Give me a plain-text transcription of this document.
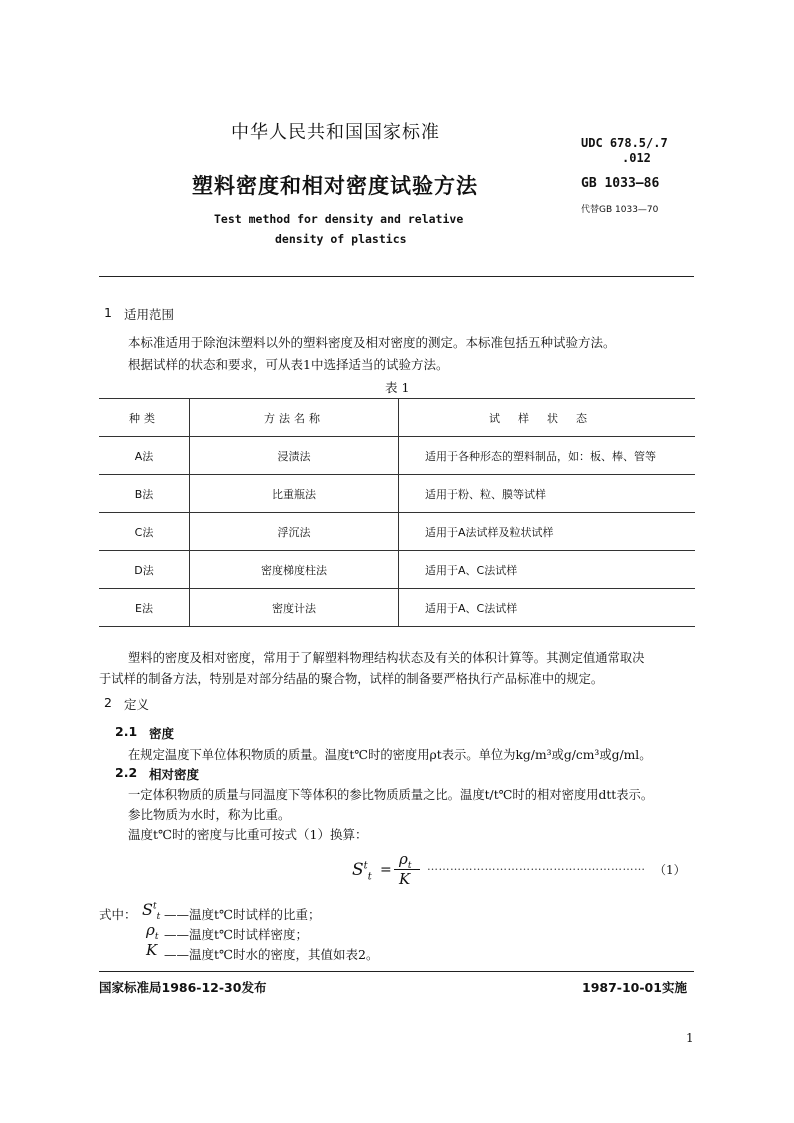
中华人民共和国国家标准
塑料密度和相对密度试验方法
Test method for density and relative
density of plastics
UDC 678.5/.7
.012
GB 1033—86
代替GB 1033—70
1 适用范围
本标准适用于除泡沫塑料以外的塑料密度及相对密度的测定。本标准包括五种试验方法。
根据试样的状态和要求，可从表1中选择适当的试验方法。
表 1
种类	方法名称	试样状态
A法	浸渍法	适用于各种形态的塑料制品，如：板、棒、管等
B法	比重瓶法	适用于粉、粒、膜等试样
C法	浮沉法	适用于A法试样及粒状试样
D法	密度梯度柱法	适用于A、C法试样
E法	密度计法	适用于A、C法试样
塑料的密度及相对密度，常用于了解塑料物理结构状态及有关的体积计算等。其测定值通常取决
于试样的制备方法，特别是对部分结晶的聚合物，试样的制备要严格执行产品标准中的规定。
2 定义
2.1 密度
在规定温度下单位体积物质的质量。温度t℃时的密度用ρt表示。单位为kg/m³或g/cm³或g/ml。
2.2 相对密度
一定体积物质的质量与同温度下等体积的参比物质质量之比。温度t/t℃时的相对密度用dtt表示。
参比物质为水时，称为比重。
温度t℃时的密度与比重可按式（1）换算：
$S^t_t$ =
$\rho_t$
K
………………………………………………… （1）
式中： $S^t_t$ ——温度t℃时试样的比重；
$\rho_t$ ——温度t℃时试样密度；
K ——温度t℃时水的密度，其值如表2。
国家标准局1986-12-30发布	1987-10-01实施
1
